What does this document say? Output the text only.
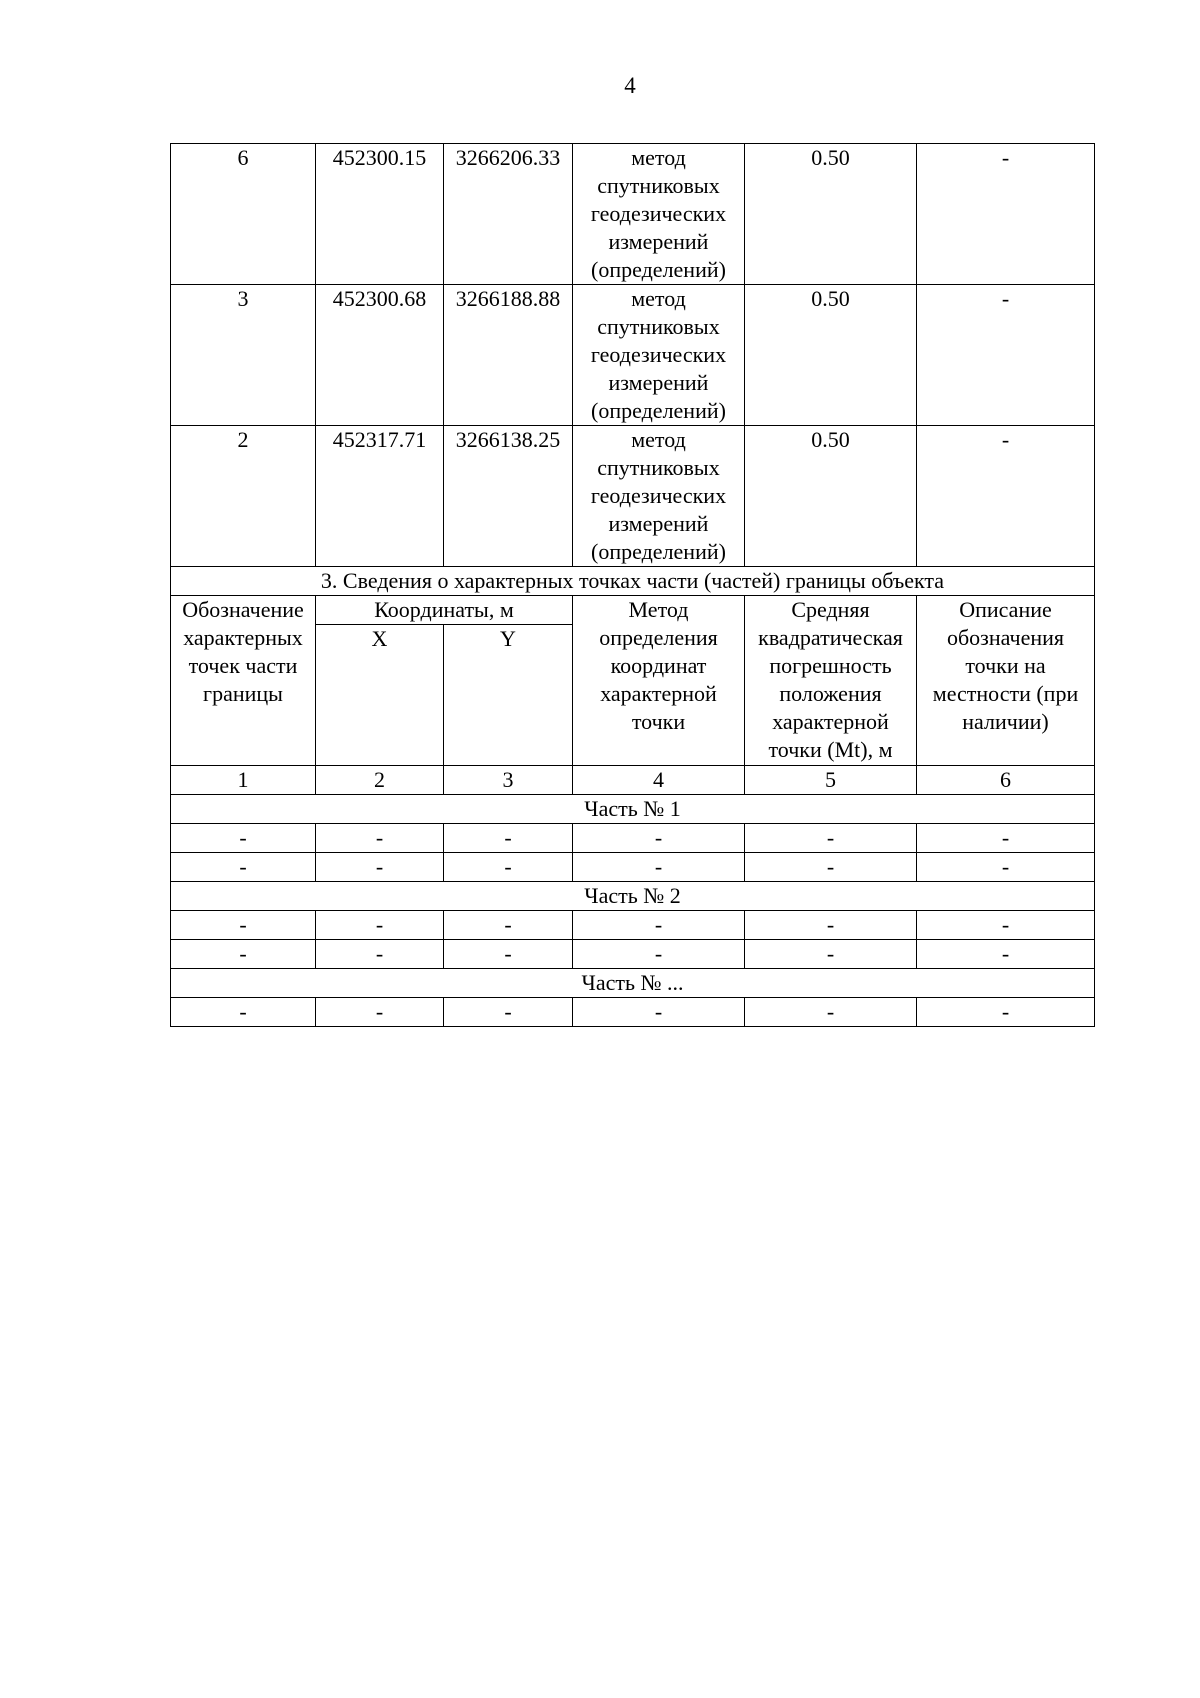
4
6	452300.15	3266206.33	метод
спутниковых
геодезических
измерений
(определений)	0.50	-
3	452300.68	3266188.88	метод
спутниковых
геодезических
измерений
(определений)	0.50	-
2	452317.71	3266138.25	метод
спутниковых
геодезических
измерений
(определений)	0.50	-
3. Сведения о характерных точках части (частей) границы объекта					
Обозначение характерных точек части границы	Координаты, м		Метод определения координат характерной точки	Средняя квадратическая погрешность положения характерной точки (Mt), м	Описание обозначения точки на местности (при наличии)
	X	Y			
1	2	3	4	5	6
Часть № 1					
-	-	-	-	-	-
-	-	-	-	-	-
Часть № 2					
-	-	-	-	-	-
-	-	-	-	-	-
Часть № ...					
-	-	-	-	-	-
